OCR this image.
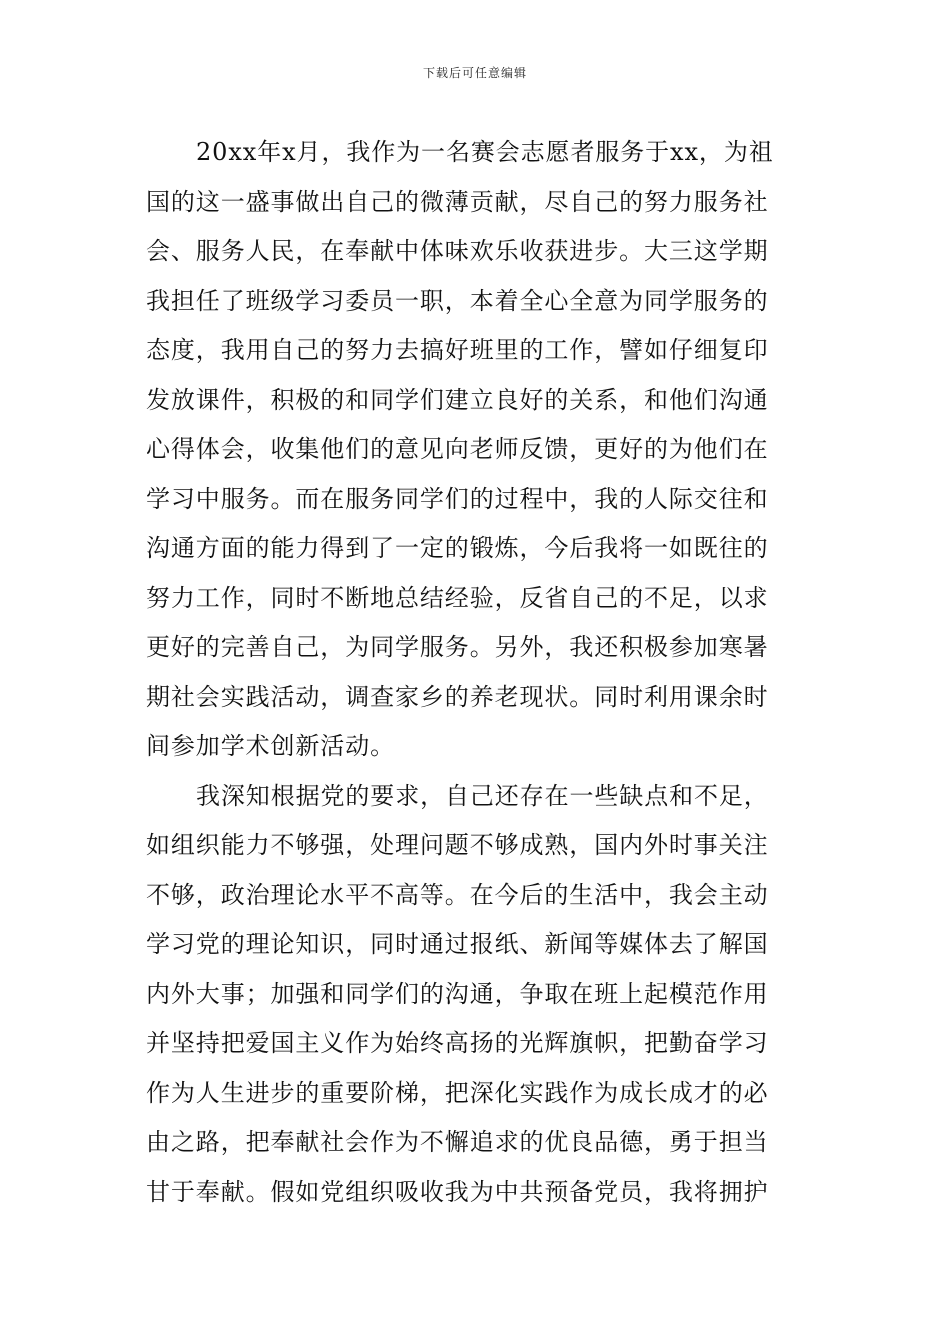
下载后可任意编辑
20xx年x月，我作为一名赛会志愿者服务于xx，为祖
国的这一盛事做出自己的微薄贡献，尽自己的努力服务社
会、服务人民，在奉献中体味欢乐收获进步。大三这学期
我担任了班级学习委员一职，本着全心全意为同学服务的
态度，我用自己的努力去搞好班里的工作，譬如仔细复印
发放课件，积极的和同学们建立良好的关系，和他们沟通
心得体会，收集他们的意见向老师反馈，更好的为他们在
学习中服务。而在服务同学们的过程中，我的人际交往和
沟通方面的能力得到了一定的锻炼，今后我将一如既往的
努力工作，同时不断地总结经验，反省自己的不足，以求
更好的完善自己，为同学服务。另外，我还积极参加寒暑
期社会实践活动，调查家乡的养老现状。同时利用课余时
间参加学术创新活动。
我深知根据党的要求，自己还存在一些缺点和不足，
如组织能力不够强，处理问题不够成熟，国内外时事关注
不够，政治理论水平不高等。在今后的生活中，我会主动
学习党的理论知识，同时通过报纸、新闻等媒体去了解国
内外大事；加强和同学们的沟通，争取在班上起模范作用
并坚持把爱国主义作为始终高扬的光辉旗帜，把勤奋学习
作为人生进步的重要阶梯，把深化实践作为成长成才的必
由之路，把奉献社会作为不懈追求的优良品德，勇于担当
甘于奉献。假如党组织吸收我为中共预备党员，我将拥护
